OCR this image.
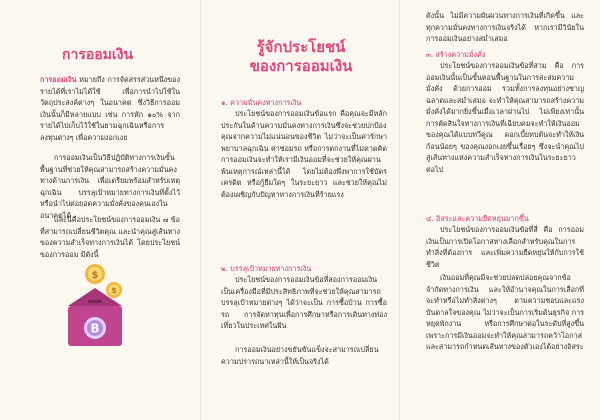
การออมเงิน
การออมเงิน หมายถึง การจัดสรรส่วนหนึ่งของรายได้ที่เราไม่ได้ใช้ เพื่อการนำไปใช้ในวัตถุประสงค์ต่างๆ ในอนาคต ซึ่งวิธีการออมเงินนั้นก็มีหลายแบบ เช่น การหัก ๑๐% จากรายได้ไปเก็บไว้ใช้ในยามฉุกเฉินหรือการลงทุนต่างๆ เพื่อความงอกเงย
การออมเงินเป็นวิธีปฏิบัติทางการเงินขั้นพื้นฐานที่ช่วยให้คุณสามารถสร้างความมั่นคงทางด้านการเงิน เพื่อเตรียมพร้อมสำหรับเหตุฉุกเฉิน บรรลุเป้าหมายทางการเงินที่ตั้งไว้ หรือนำไปต่อยอดความมั่งคั่งของคนเองในอนาคตได้
และนี่คือประโยชน์ของการออมเงิน ๗ ข้อ ที่สามารถเปลี่ยนชีวิตคุณ และนำคุณสู่เส้นทางของความสำเร็จทางการเงินได้ โดยประโยชน์ของการออม มีดังนี้
$
$
B
รู้จักประโยชน์
ของการออมเงิน
๑. ความมั่นคงทางการเงิน
ประโยชน์ของการออมเงินข้อแรก คือคุณจะมีหลักประกันในด้านความมั่นคงทางการเงินซึ่งจะช่วยปกป้องคุณจากความไม่แน่นอนของชีวิต ไม่ว่าจะเป็นค่ารักษาพยาบาลฉุกเฉิน ค่าซ่อมรถ หรือการตกงานที่ไม่คาดคิด การออมเงินจะทำให้เรามีเงินออมที่จะช่วยให้คุณผ่านพ้นเหตุการณ์เหล่านี้ได้ โดยไม่ต้องพึ่งพาการใช้บัตรเครดิต หรือกู้ยืมใดๆ ในระยะยาว และช่วยให้คุณไม่ต้องเผชิญกับปัญหาทางการเงินที่ร้ายแรง
๒. บรรลุเป้าหมายทางการเงิน
ประโยชน์ของการออมเงินข้อที่สองการออมเงินเป็นเครื่องมือที่มีประสิทธิภาพที่จะช่วยให้คุณสามารถบรรลุเป้าหมายต่างๆ ได้ว่าจะเป็น การซื้อบ้าน การซื้อรถ การจัดหาทุนเพื่อการศึกษาหรือการเดินทางท่องเที่ยวในประเทศในฝัน
การออมเงินอย่างขยันขันแข็งจะสามารถเปลี่ยนความปรารถนาเหล่านี้ให้เป็นจริงได้
ดังนั้น ไม่มีความผันผวนทางการเงินที่เกิดขึ้น และทุกความมั่นคงทางการเงินจริงได้ หากเรามีวินัยในการออมเงินอย่างสม่ำเสมอ
๓. สร้างความมั่งคั่ง
ประโยชน์ของการออมเงินข้อที่สาม คือ การออมเงินนั้นเป็นขั้นตอนพื้นฐานในการสะสมความมั่งคั่ง ด้วยการออม รวมทั้งการลงทุนอย่างชาญฉลาดและสม่ำเสมอ จะทำให้คุณสามารถสร้างความมั่งคั่งได้มากยิ่งขึ้นเมื่อเวลาผ่านไป ไม่เพียงเท่านั้น การตัดสินใจทางการเงินที่เฉียบคมจะทำให้เงินออมของคุณได้แบบทวีคูณ ดอกเบี้ยทบต้นจะทำให้เงินก้อนน้อยๆ ของคุณงอกเงยขึ้นเรื่อยๆ ซึ่งจะนำคุณไปสู่เส้นทางแห่งความสำเร็จทางการเงินในระยะยาวต่อไป
๔. อิสระและความยืดหยุ่นมากขึ้น
ประโยชน์ของการออมเงินข้อที่สี่ คือ การออมเงินเป็นการเปิดโอกาสทางเลือกสำหรับคุณในการทำสิ่งที่ต้องการ และเพิ่มความยืดหยุ่นให้กับการใช้ชีวิต
เงินออมที่คุณมีจะช่วยปลดปล่อยคุณจากข้อจำกัดทางการเงิน และให้อำนาจคุณในการเลือกที่จะทำหรือไม่ทำสิ่งต่างๆ ตามความชอบและแรงบันดาลใจของคุณ ไม่ว่าจะเป็นการเริ่มต้นธุรกิจ การหยุดพักงาน หรือการศึกษาต่อในระดับที่สูงขึ้น เพราะการมีเงินออมจะทำให้คุณสามารถคว้าโอกาสและสามารถกำหนดเส้นทางของตัวเองได้อย่างอิสระ
